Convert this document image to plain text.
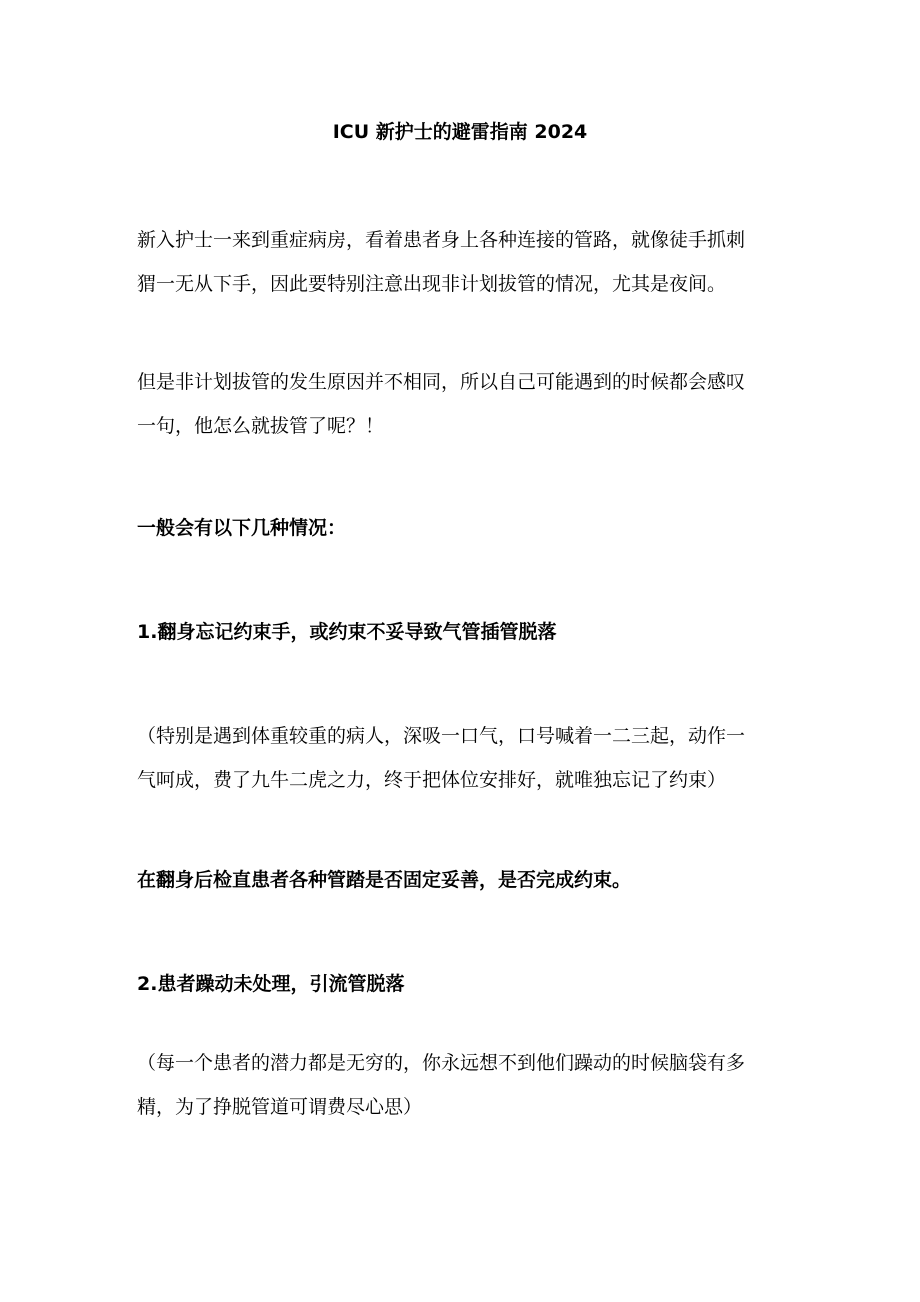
ICU 新护士的避雷指南 2024
新入护士一来到重症病房，看着患者身上各种连接的管路，就像徒手抓刺
猬一无从下手，因此要特别注意出现非计划拔管的情况，尤其是夜间。
但是非计划拔管的发生原因并不相同，所以自己可能遇到的时候都会感叹
一句，他怎么就拔管了呢？！
一般会有以下几种情况：
1.翻身忘记约束手，或约束不妥导致气管插管脱落
（特别是遇到体重较重的病人，深吸一口气，口号喊着一二三起，动作一
气呵成，费了九牛二虎之力，终于把体位安排好，就唯独忘记了约束）
在翻身后检直患者各种管踏是否固定妥善，是否完成约束。
2.患者躁动未处理，引流管脱落
（每一个患者的潜力都是无穷的，你永远想不到他们躁动的时候脑袋有多
精，为了挣脱管道可谓费尽心思）
